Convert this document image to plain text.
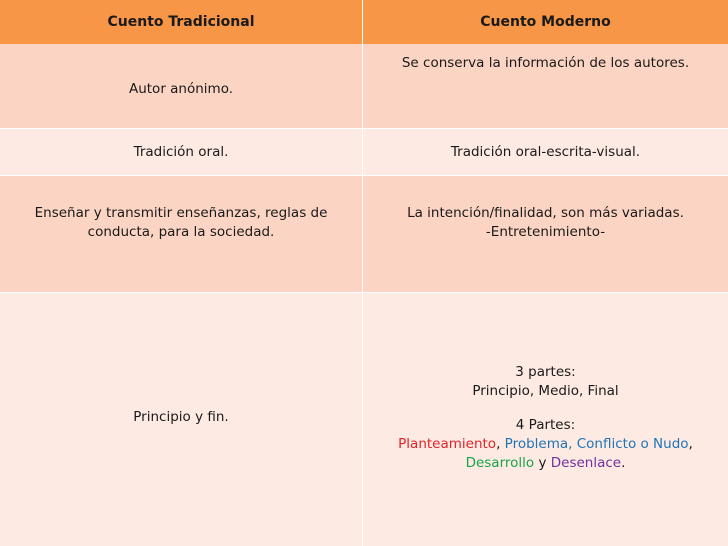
Cuento Tradicional	Cuento Moderno
Autor anónimo.
Se conserva la información de los autores.
Tradición oral.	Tradición oral-escrita-visual.
Enseñar y transmitir enseñanzas, reglas de
conducta, para la sociedad.
La intención/finalidad, son más variadas.
-Entretenimiento-
Principio y fin.
3 partes:
Principio, Medio, Final
4 Partes:
Planteamiento, Problema, Conflicto o Nudo,
Desarrollo y Desenlace.
